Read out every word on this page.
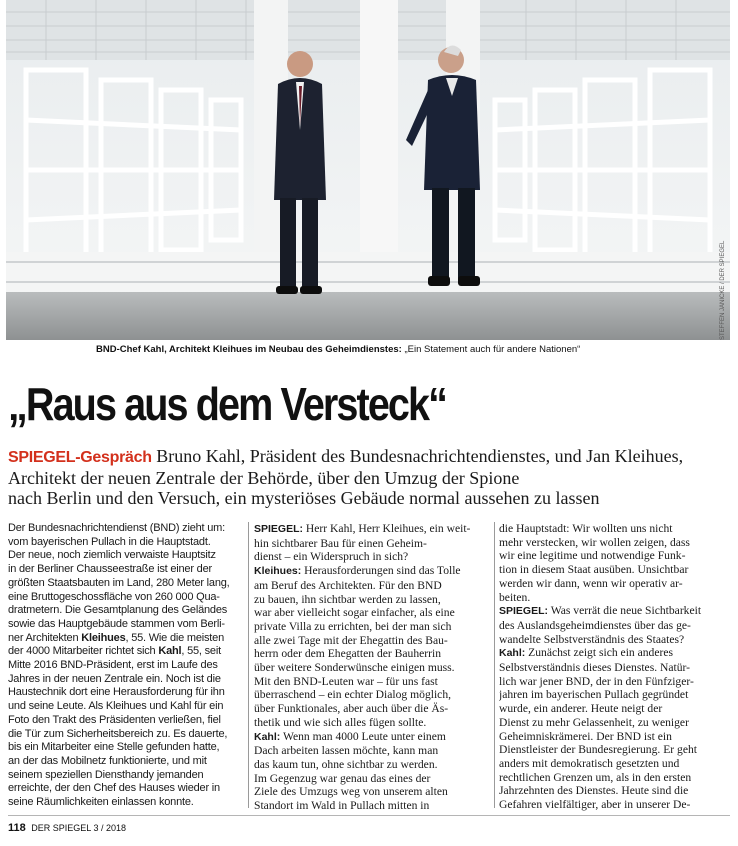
STEFFEN JÄNICKE / DER SPIEGEL
BND-Chef Kahl, Architekt Kleihues im Neubau des Geheimdienstes: „Ein Statement auch für andere Nationen“
„Raus aus dem Versteck“
SPIEGEL-Gespräch Bruno Kahl, Präsident des Bundesnachrichtendienstes, und Jan Kleihues,
Architekt der neuen Zentrale der Behörde, über den Umzug der Spione
nach Berlin und den Versuch, ein mysteriöses Gebäude normal aussehen zu lassen
Der Bundesnachrichtendienst (BND) zieht um:
vom bayerischen Pullach in die Hauptstadt.
Der neue, noch ziemlich verwaiste Hauptsitz
in der Berliner Chausseestraße ist einer der
größten Staatsbauten im Land, 280 Meter lang,
eine Bruttogeschossfläche von 260 000 Qua-
dratmetern. Die Gesamtplanung des Geländes
sowie das Hauptgebäude stammen vom Berli-
ner Architekten Kleihues, 55. Wie die meisten
der 4000 Mitarbeiter richtet sich Kahl, 55, seit
Mitte 2016 BND-Präsident, erst im Laufe des
Jahres in der neuen Zentrale ein. Noch ist die
Haustechnik dort eine Herausforderung für ihn
und seine Leute. Als Kleihues und Kahl für ein
Foto den Trakt des Präsidenten verließen, fiel
die Tür zum Sicherheitsbereich zu. Es dauerte,
bis ein Mitarbeiter eine Stelle gefunden hatte,
an der das Mobilnetz funktionierte, und mit
seinem speziellen Diensthandy jemanden
erreichte, der den Chef des Hauses wieder in
seine Räumlichkeiten einlassen konnte.
SPIEGEL: Herr Kahl, Herr Kleihues, ein weit-
hin sichtbarer Bau für einen Geheim-
dienst – ein Widerspruch in sich?
Kleihues: Herausforderungen sind das Tolle
am Beruf des Architekten. Für den BND
zu bauen, ihn sichtbar werden zu lassen,
war aber vielleicht sogar einfacher, als eine
private Villa zu errichten, bei der man sich
alle zwei Tage mit der Ehegattin des Bau-
herrn oder dem Ehegatten der Bauherrin
über weitere Sonderwünsche einigen muss.
Mit den BND-Leuten war – für uns fast
überraschend – ein echter Dialog möglich,
über Funktionales, aber auch über die Äs-
thetik und wie sich alles fügen sollte.
Kahl: Wenn man 4000 Leute unter einem
Dach arbeiten lassen möchte, kann man
das kaum tun, ohne sichtbar zu werden.
Im Gegenzug war genau das eines der
Ziele des Umzugs weg von unserem alten
Standort im Wald in Pullach mitten in
die Hauptstadt: Wir wollten uns nicht
mehr verstecken, wir wollen zeigen, dass
wir eine legitime und notwendige Funk-
tion in diesem Staat ausüben. Unsichtbar
werden wir dann, wenn wir operativ ar-
beiten.
SPIEGEL: Was verrät die neue Sichtbarkeit
des Auslandsgeheimdienstes über das ge-
wandelte Selbstverständnis des Staates?
Kahl: Zunächst zeigt sich ein anderes
Selbstverständnis dieses Dienstes. Natür-
lich war jener BND, der in den Fünfziger-
jahren im bayerischen Pullach gegründet
wurde, ein anderer. Heute neigt der
Dienst zu mehr Gelassenheit, zu weniger
Geheimniskrämerei. Der BND ist ein
Dienstleister der Bundesregierung. Er geht
anders mit demokratisch gesetzten und
rechtlichen Grenzen um, als in den ersten
Jahrzehnten des Dienstes. Heute sind die
Gefahren vielfältiger, aber in unserer De-
118 DER SPIEGEL 3 / 2018
